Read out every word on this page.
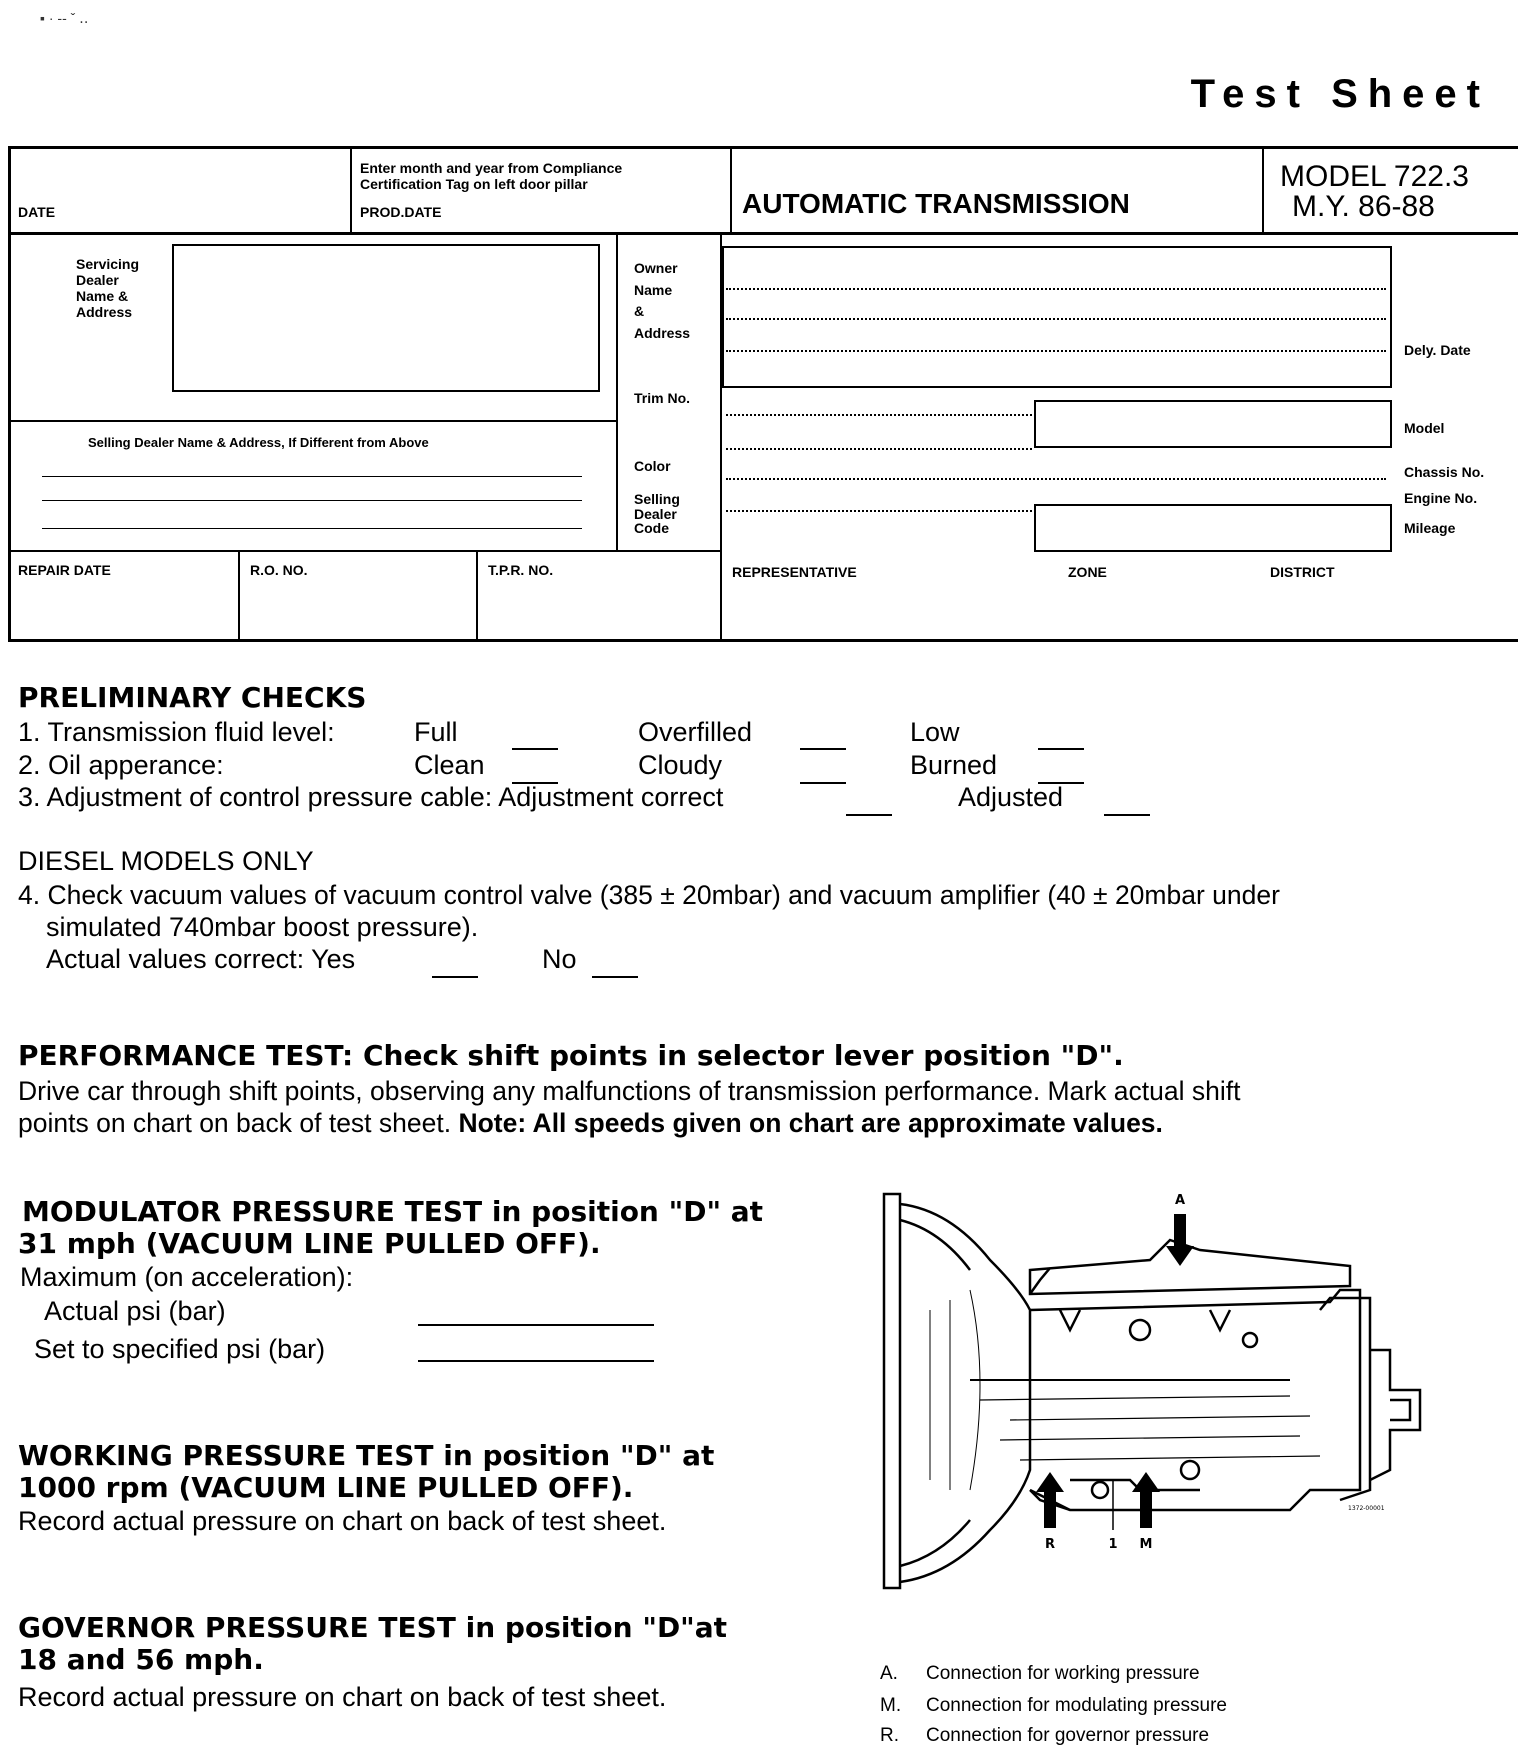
▪ · ‐‐ ˇ ‥
Test Sheet
DATE
Enter month and year from Compliance Certification Tag on left door pillar
PROD.DATE	AUTOMATIC TRANSMISSION
MODEL 722.3
M.Y. 86-88
Servicing
Dealer
Name &
Address
Selling Dealer Name & Address, If Different from Above
Owner
Name
&
Address
Trim No.
Color
Selling
Dealer
Code
Dely. Date
Model
Chassis No.
Engine No.
Mileage
REPAIR DATE	R.O. NO.	T.P.R. NO.	REPRESENTATIVE	ZONE	DISTRICT
PRELIMINARY CHECKS
1. Transmission fluid level:	Full	Overfilled	Low
2. Oil apperance:	Clean	Cloudy	Burned
3. Adjustment of control pressure cable: Adjustment correct	Adjusted
DIESEL MODELS ONLY
4. Check vacuum values of vacuum control valve (385 ± 20mbar) and vacuum amplifier (40 ± 20mbar under
simulated 740mbar boost pressure).
Actual values correct: Yes	No
PERFORMANCE TEST: Check shift points in selector lever position "D".
Drive car through shift points, observing any malfunctions of transmission performance. Mark actual shift
points on chart on back of test sheet. Note: All speeds given on chart are approximate values.
MODULATOR PRESSURE TEST in position "D" at
31 mph (VACUUM LINE PULLED OFF).
Maximum (on acceleration):
Actual psi (bar)
Set to specified psi (bar)
WORKING PRESSURE TEST in position "D" at
1000 rpm (VACUUM LINE PULLED OFF).
Record actual pressure on chart on back of test sheet.
GOVERNOR PRESSURE TEST in position "D"at
18 and 56 mph.
Record actual pressure on chart on back of test sheet.
A
R	1 M
1372-00001
A. Connection for working pressure
M. Connection for modulating pressure
R. Connection for governor pressure
